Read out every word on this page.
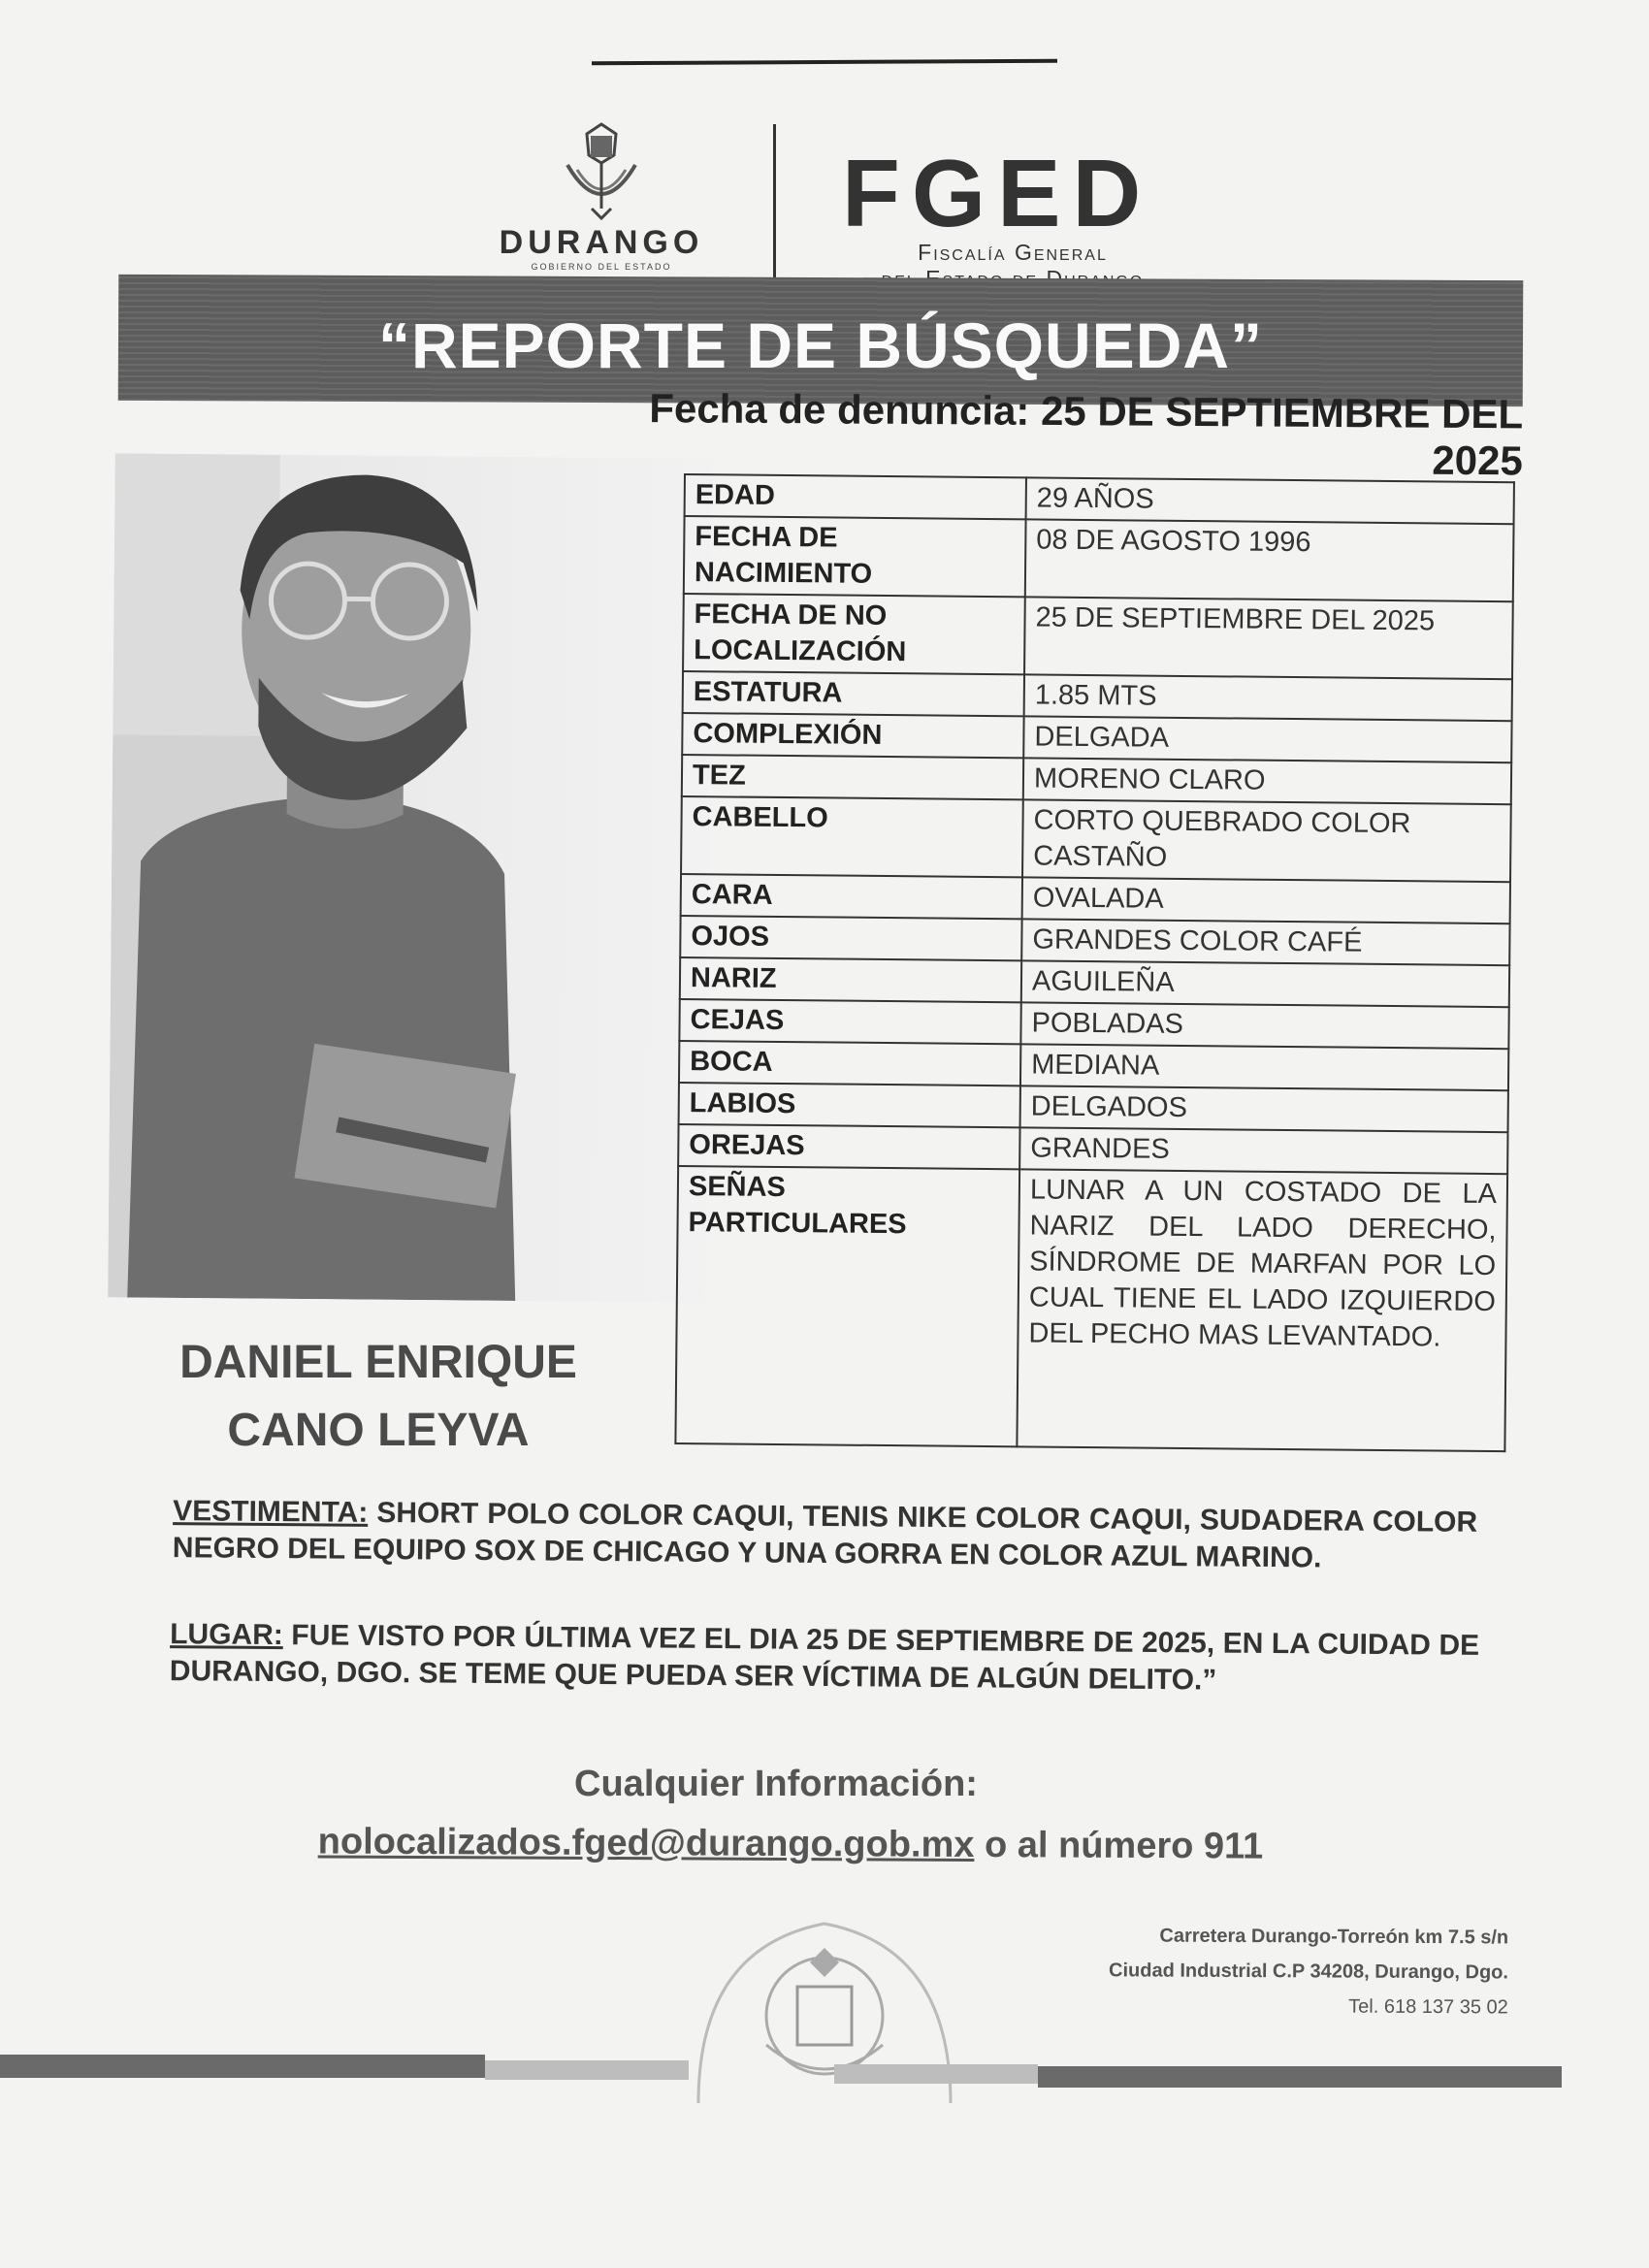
DURANGO
GOBIERNO DEL ESTADO
FGED
Fiscalía General
“REPORTE DE BÚSQUEDA”
Fecha de denuncia: 25 DE SEPTIEMBRE DEL 2025
EDAD	29 AÑOS
FECHA DE NACIMIENTO	08 DE AGOSTO 1996
FECHA DE NO LOCALIZACIÓN	25 DE SEPTIEMBRE DEL 2025
ESTATURA	1.85 MTS
COMPLEXIÓN	DELGADA
TEZ	MORENO CLARO
CABELLO	CORTO QUEBRADO COLOR CASTAÑO
CARA	OVALADA
OJOS	GRANDES COLOR CAFÉ
NARIZ	AGUILEÑA
CEJAS	POBLADAS
BOCA	MEDIANA
LABIOS	DELGADOS
OREJAS	GRANDES
SEÑAS PARTICULARES	LUNAR A UN COSTADO DE LA NARIZ DEL LADO DERECHO, SÍNDROME DE MARFAN POR LO CUAL TIENE EL LADO IZQUIERDO DEL PECHO MAS LEVANTADO.
DANIEL ENRIQUE
CANO LEYVA
VESTIMENTA: SHORT POLO COLOR CAQUI, TENIS NIKE COLOR CAQUI, SUDADERA COLOR NEGRO DEL EQUIPO SOX DE CHICAGO Y UNA GORRA EN COLOR AZUL MARINO.
LUGAR: FUE VISTO POR ÚLTIMA VEZ EL DIA 25 DE SEPTIEMBRE DE 2025, EN LA CUIDAD DE DURANGO, DGO. SE TEME QUE PUEDA SER VÍCTIMA DE ALGÚN DELITO.”
Cualquier Información:
nolocalizados.fged@durango.gob.mx o al número 911
Carretera Durango-Torreón km 7.5 s/n
Ciudad Industrial C.P 34208, Durango, Dgo.
Tel. 618 137 35 02
